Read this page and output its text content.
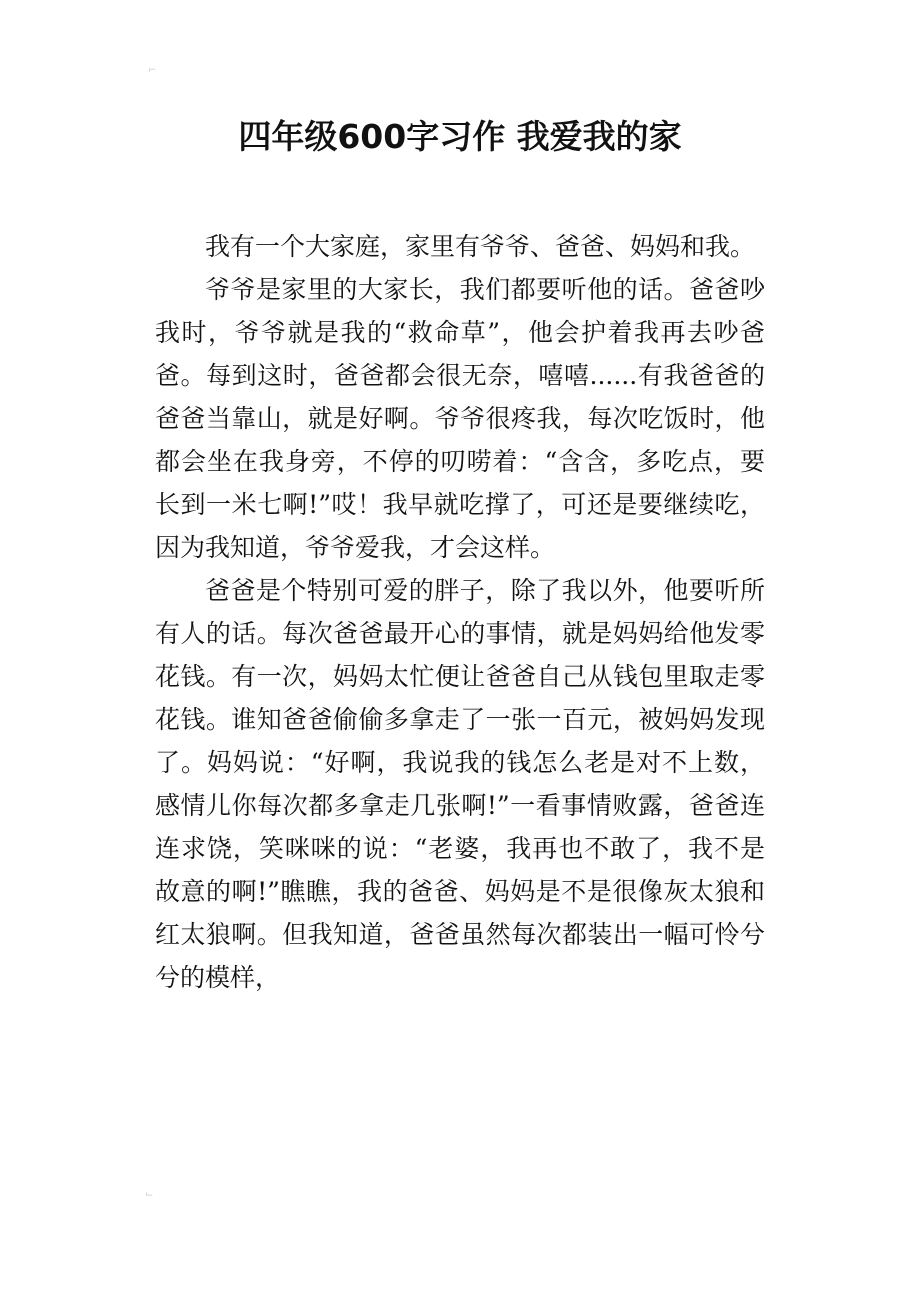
⌐
四年级600字习作 我爱我的家

我有一个大家庭，家里有爷爷、爸爸、妈妈和我。

爷爷是家里的大家长，我们都要听他的话。爸爸吵我时，爷爷就是我的“救命草”，他会护着我再去吵爸爸。每到这时，爸爸都会很无奈，嘻嘻......有我爸爸的爸爸当靠山，就是好啊。爷爷很疼我，每次吃饭时，他都会坐在我身旁，不停的叨唠着：“含含，多吃点，要长到一米七啊!”哎！我早就吃撑了，可还是要继续吃，因为我知道，爷爷爱我，才会这样。

爸爸是个特别可爱的胖子，除了我以外，他要听所有人的话。每次爸爸最开心的事情，就是妈妈给他发零花钱。有一次，妈妈太忙便让爸爸自己从钱包里取走零花钱。谁知爸爸偷偷多拿走了一张一百元，被妈妈发现了。妈妈说：“好啊，我说我的钱怎么老是对不上数，感情儿你每次都多拿走几张啊!”一看事情败露，爸爸连连求饶，笑咪咪的说：“老婆，我再也不敢了，我不是故意的啊!”瞧瞧，我的爸爸、妈妈是不是很像灰太狼和红太狼啊。但我知道，爸爸虽然每次都装出一幅可怜兮兮的模样，

⌙
